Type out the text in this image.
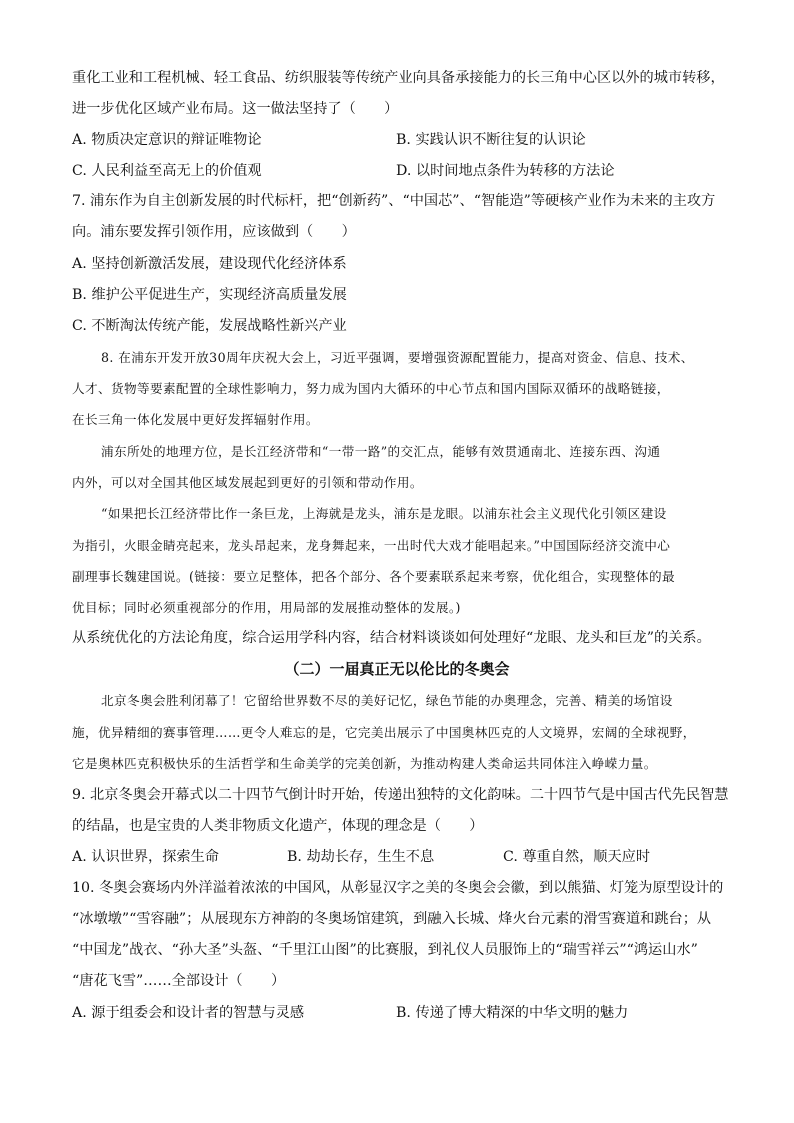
重化工业和工程机械、轻工食品、纺织服装等传统产业向具备承接能力的长三角中心区以外的城市转移，
进一步优化区域产业布局。这一做法坚持了（　　）
A. 物质决定意识的辩证唯物论	B. 实践认识不断往复的认识论
C. 人民利益至高无上的价值观	D. 以时间地点条件为转移的方法论
7. 浦东作为自主创新发展的时代标杆，把“创新药”、“中国芯”、“智能造”等硬核产业作为未来的主攻方
向。浦东要发挥引领作用，应该做到（　　）
A. 坚持创新激活发展，建设现代化经济体系
B. 维护公平促进生产，实现经济高质量发展
C. 不断淘汰传统产能，发展战略性新兴产业
8. 在浦东开发开放30周年庆祝大会上，习近平强调，要增强资源配置能力，提高对资金、信息、技术、
人才、货物等要素配置的全球性影响力，努力成为国内大循环的中心节点和国内国际双循环的战略链接，
在长三角一体化发展中更好发挥辐射作用。
浦东所处的地理方位，是长江经济带和“一带一路”的交汇点，能够有效贯通南北、连接东西、沟通
内外，可以对全国其他区域发展起到更好的引领和带动作用。
“如果把长江经济带比作一条巨龙，上海就是龙头，浦东是龙眼。以浦东社会主义现代化引领区建设
为指引，火眼金睛亮起来，龙头昂起来，龙身舞起来，一出时代大戏才能唱起来。”中国国际经济交流中心
副理事长魏建国说。(链接：要立足整体，把各个部分、各个要素联系起来考察，优化组合，实现整体的最
优目标；同时必须重视部分的作用，用局部的发展推动整体的发展。)
从系统优化的方法论角度，综合运用学科内容，结合材料谈谈如何处理好“龙眼、龙头和巨龙”的关系。
（二）一届真正无以伦比的冬奥会
北京冬奥会胜利闭幕了！它留给世界数不尽的美好记忆，绿色节能的办奥理念，完善、精美的场馆设
施，优异精细的赛事管理……更令人难忘的是，它完美出展示了中国奥林匹克的人文境界，宏阔的全球视野，
它是奥林匹克积极快乐的生活哲学和生命美学的完美创新，为推动构建人类命运共同体注入峥嵘力量。
9. 北京冬奥会开幕式以二十四节气倒计时开始，传递出独特的文化韵味。二十四节气是中国古代先民智慧
的结晶，也是宝贵的人类非物质文化遗产，体现的理念是（　　）
A. 认识世界，探索生命	B. 劫劫长存，生生不息	C. 尊重自然，顺天应时
10. 冬奥会赛场内外洋溢着浓浓的中国风，从彰显汉字之美的冬奥会会徽，到以熊猫、灯笼为原型设计的
“冰墩墩”“雪容融”；从展现东方神韵的冬奥场馆建筑，到融入长城、烽火台元素的滑雪赛道和跳台；从
“中国龙”战衣、“孙大圣”头盔、“千里江山图”的比赛服，到礼仪人员服饰上的“瑞雪祥云”“鸿运山水”
“唐花飞雪”……全部设计（　　）
A. 源于组委会和设计者的智慧与灵感	B. 传递了博大精深的中华文明的魅力
